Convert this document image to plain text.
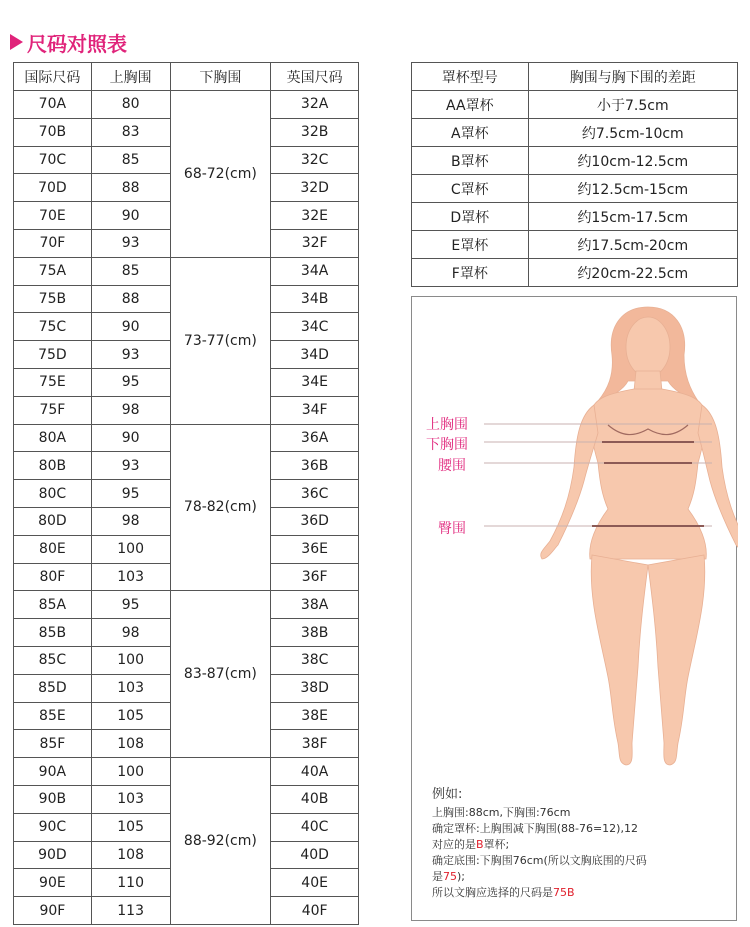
尺码对照表
国际尺码	上胸围	下胸围	英国尺码
70A	80	68-72(cm)	32A
70B	83		32B
70C	85		32C
70D	88		32D
70E	90		32E
70F	93		32F
75A	85	73-77(cm)	34A
75B	88		34B
75C	90		34C
75D	93		34D
75E	95		34E
75F	98		34F
80A	90	78-82(cm)	36A
80B	93		36B
80C	95		36C
80D	98		36D
80E	100		36E
80F	103		36F
85A	95	83-87(cm)	38A
85B	98		38B
85C	100		38C
85D	103		38D
85E	105		38E
85F	108		38F
90A	100	88-92(cm)	40A
90B	103		40B
90C	105		40C
90D	108		40D
90E	110		40E
90F	113		40F
罩杯型号	胸围与胸下围的差距
AA罩杯	小于7.5cm
A罩杯	约7.5cm-10cm
B罩杯	约10cm-12.5cm
C罩杯	约12.5cm-15cm
D罩杯	约15cm-17.5cm
E罩杯	约17.5cm-20cm
F罩杯	约20cm-22.5cm
上胸围
下胸围
腰围
臀围
例如:
上胸围:88cm,下胸围:76cm
确定罩杯:上胸围减下胸围(88-76=12),12
对应的是B罩杯;
确定底围:下胸围76cm(所以文胸底围的尺码
是75);
所以文胸应选择的尺码是75B
